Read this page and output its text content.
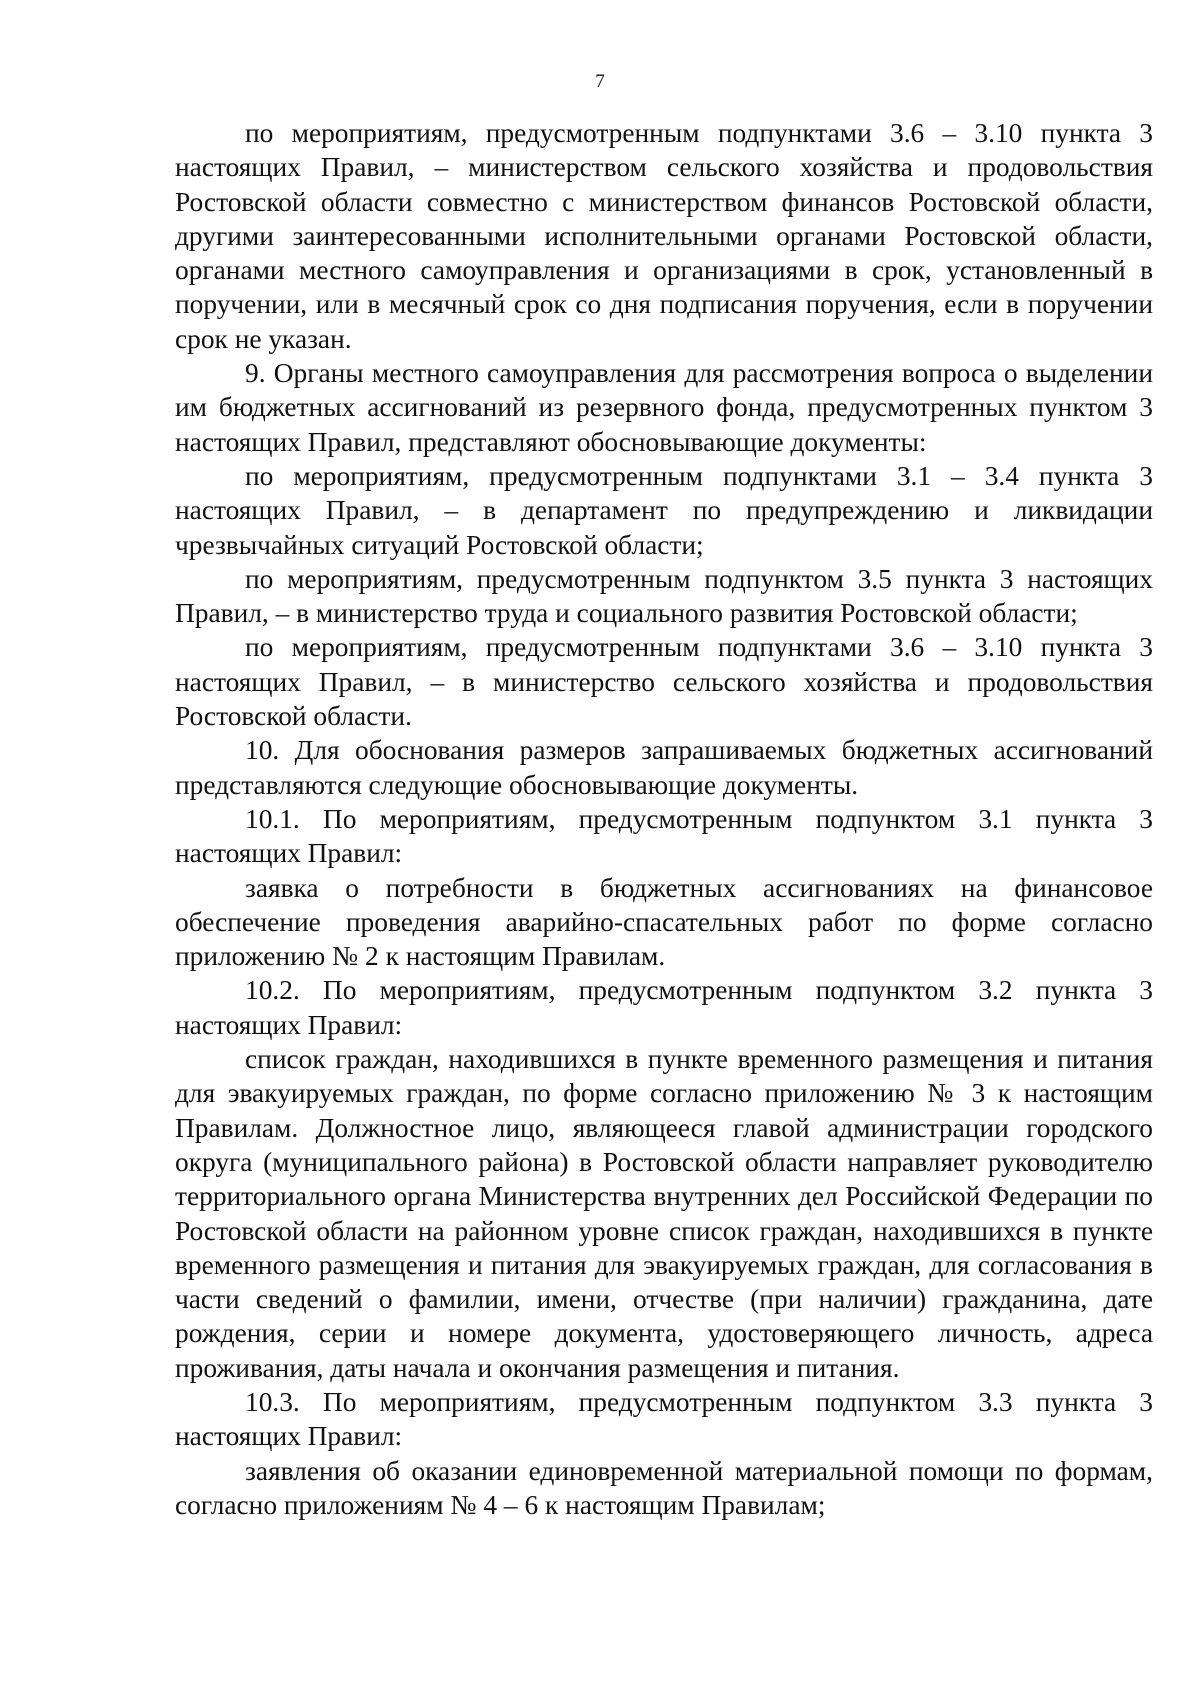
7

по мероприятиям, предусмотренным подпунктами 3.6 – 3.10 пункта 3 настоящих Правил, – министерством сельского хозяйства и продовольствия Ростовской области совместно с министерством финансов Ростовской области, другими заинтересованными исполнительными органами Ростовской области, органами местного самоуправления и организациями в срок, установленный в поручении, или в месячный срок со дня подписания поручения, если в поручении срок не указан.

9. Органы местного самоуправления для рассмотрения вопроса о выделении им бюджетных ассигнований из резервного фонда, предусмотренных пунктом 3 настоящих Правил, представляют обосновывающие документы:

по мероприятиям, предусмотренным подпунктами 3.1 – 3.4 пункта 3 настоящих Правил, – в департамент по предупреждению и ликвидации чрезвычайных ситуаций Ростовской области;

по мероприятиям, предусмотренным подпунктом 3.5 пункта 3 настоящих Правил, – в министерство труда и социального развития Ростовской области;

по мероприятиям, предусмотренным подпунктами 3.6 – 3.10 пункта 3 настоящих Правил, – в министерство сельского хозяйства и продовольствия Ростовской области.

10. Для обоснования размеров запрашиваемых бюджетных ассигнований представляются следующие обосновывающие документы.

10.1. По мероприятиям, предусмотренным подпунктом 3.1 пункта 3 настоящих Правил:

заявка о потребности в бюджетных ассигнованиях на финансовое обеспечение проведения аварийно-спасательных работ по форме согласно приложению № 2 к настоящим Правилам.

10.2. По мероприятиям, предусмотренным подпунктом 3.2 пункта 3 настоящих Правил:

список граждан, находившихся в пункте временного размещения и питания для эвакуируемых граждан, по форме согласно приложению № 3 к настоящим Правилам. Должностное лицо, являющееся главой администрации городского округа (муниципального района) в Ростовской области направляет руководителю территориального органа Министерства внутренних дел Российской Федерации по Ростовской области на районном уровне список граждан, находившихся в пункте временного размещения и питания для эвакуируемых граждан, для согласования в части сведений о фамилии, имени, отчестве (при наличии) гражданина, дате рождения, серии и номере документа, удостоверяющего личность, адреса проживания, даты начала и окончания размещения и питания.

10.3. По мероприятиям, предусмотренным подпунктом 3.3 пункта 3 настоящих Правил:

заявления об оказании единовременной материальной помощи по формам, согласно приложениям № 4 – 6 к настоящим Правилам;
